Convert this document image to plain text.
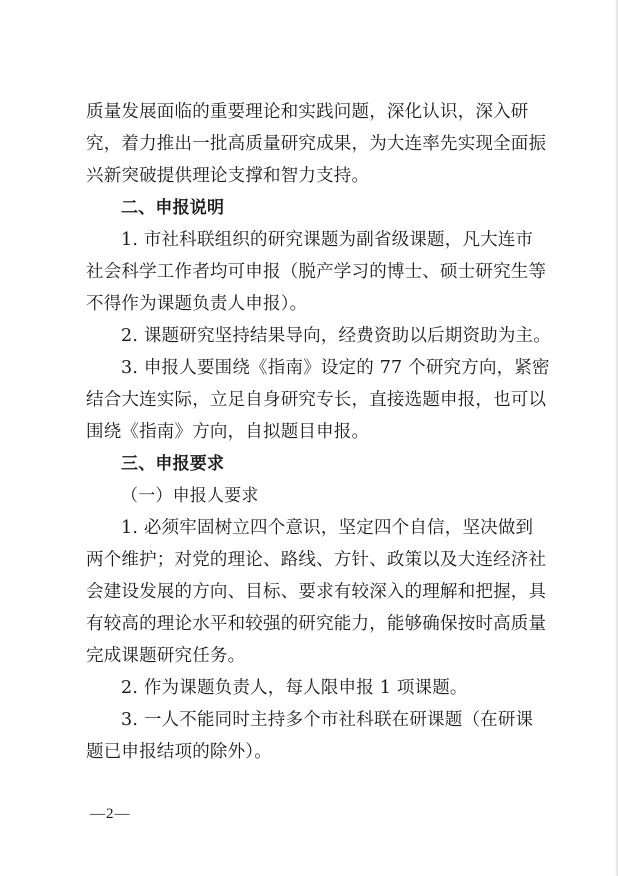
质量发展面临的重要理论和实践问题，深化认识，深入研
究，着力推出一批高质量研究成果，为大连率先实现全面振
兴新突破提供理论支撑和智力支持。
二、申报说明
1. 市社科联组织的研究课题为副省级课题，凡大连市
社会科学工作者均可申报（脱产学习的博士、硕士研究生等
不得作为课题负责人申报）。
2. 课题研究坚持结果导向，经费资助以后期资助为主。
3. 申报人要围绕《指南》设定的 77 个研究方向，紧密
结合大连实际，立足自身研究专长，直接选题申报，也可以
围绕《指南》方向，自拟题目申报。
三、申报要求
（一）申报人要求
1. 必须牢固树立四个意识，坚定四个自信，坚决做到
两个维护；对党的理论、路线、方针、政策以及大连经济社
会建设发展的方向、目标、要求有较深入的理解和把握，具
有较高的理论水平和较强的研究能力，能够确保按时高质量
完成课题研究任务。
2. 作为课题负责人，每人限申报 1 项课题。
3. 一人不能同时主持多个市社科联在研课题（在研课
题已申报结项的除外）。
—2—
